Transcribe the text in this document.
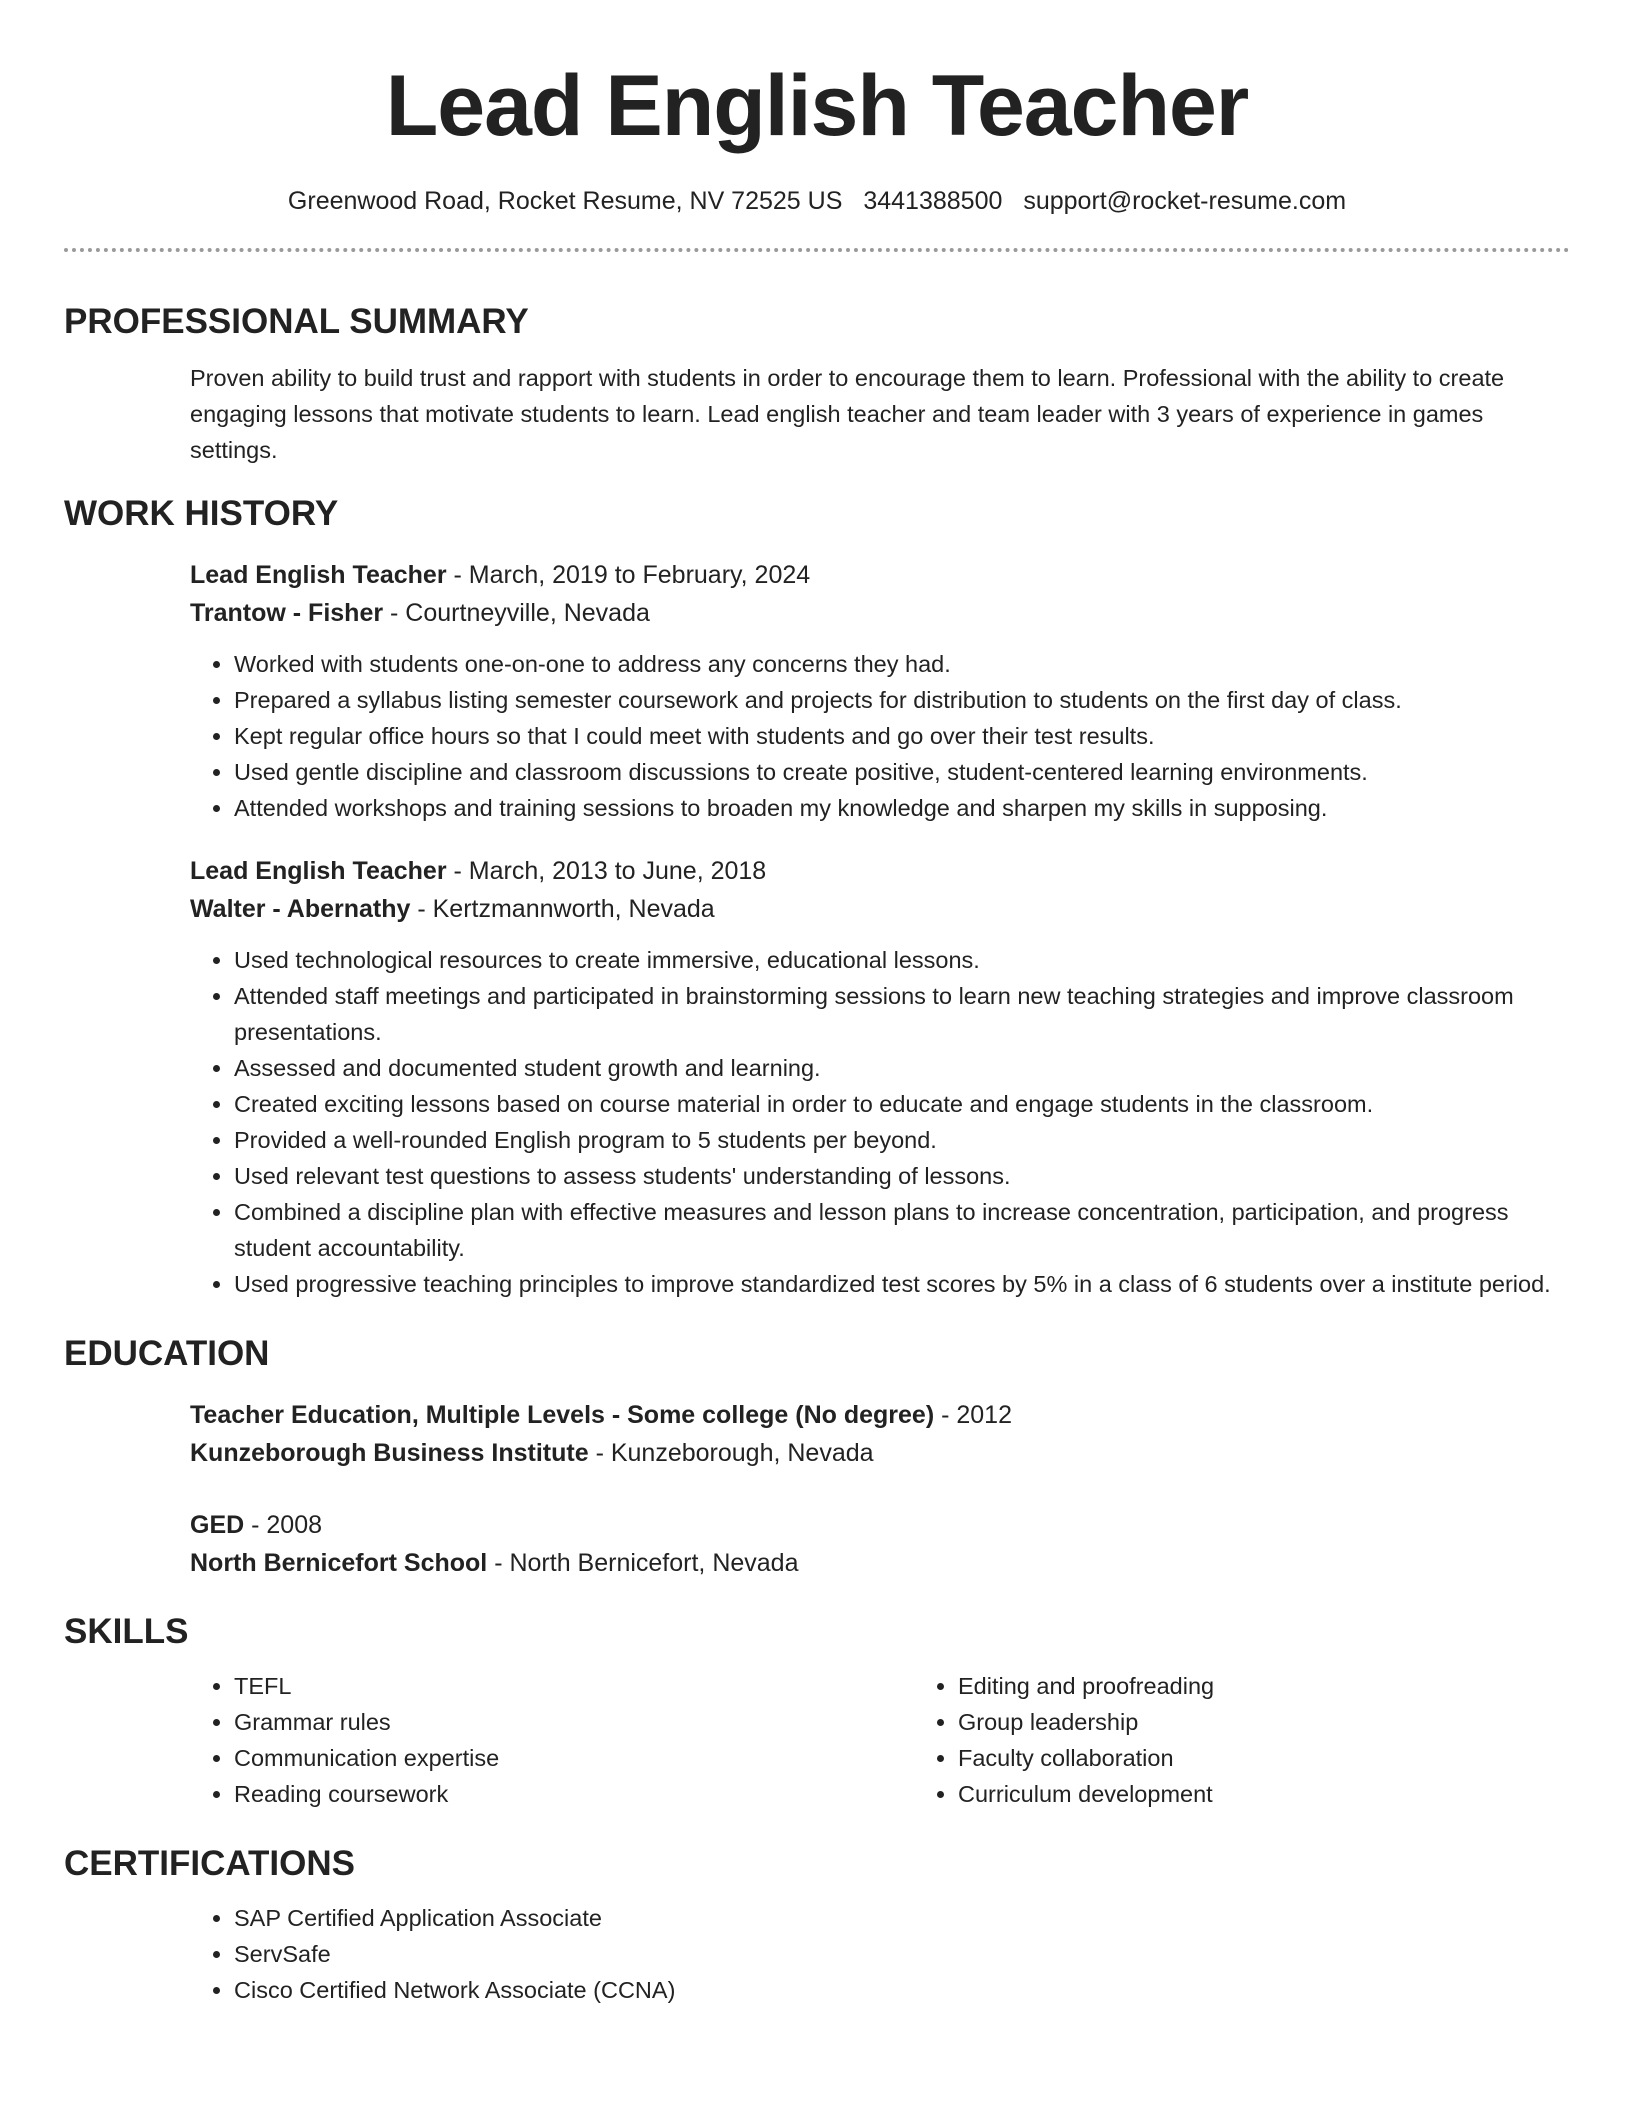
Lead English Teacher
Greenwood Road, Rocket Resume, NV 72525 US 3441388500 support@rocket-resume.com
PROFESSIONAL SUMMARY
Proven ability to build trust and rapport with students in order to encourage them to learn. Professional with the ability to create engaging lessons that motivate students to learn. Lead english teacher and team leader with 3 years of experience in games settings.
WORK HISTORY
Lead English Teacher - March, 2019 to February, 2024
Trantow - Fisher - Courtneyville, Nevada
• Worked with students one-on-one to address any concerns they had.
• Prepared a syllabus listing semester coursework and projects for distribution to students on the first day of class.
• Kept regular office hours so that I could meet with students and go over their test results.
• Used gentle discipline and classroom discussions to create positive, student-centered learning environments.
• Attended workshops and training sessions to broaden my knowledge and sharpen my skills in supposing.
Lead English Teacher - March, 2013 to June, 2018
Walter - Abernathy - Kertzmannworth, Nevada
• Used technological resources to create immersive, educational lessons.
• Attended staff meetings and participated in brainstorming sessions to learn new teaching strategies and improve classroom presentations.
• Assessed and documented student growth and learning.
• Created exciting lessons based on course material in order to educate and engage students in the classroom.
• Provided a well-rounded English program to 5 students per beyond.
• Used relevant test questions to assess students' understanding of lessons.
• Combined a discipline plan with effective measures and lesson plans to increase concentration, participation, and progress student accountability.
• Used progressive teaching principles to improve standardized test scores by 5% in a class of 6 students over a institute period.
EDUCATION
Teacher Education, Multiple Levels - Some college (No degree) - 2012
Kunzeborough Business Institute - Kunzeborough, Nevada
GED - 2008
North Bernicefort School - North Bernicefort, Nevada
SKILLS
• TEFL
• Grammar rules
• Communication expertise
• Reading coursework
• Editing and proofreading
• Group leadership
• Faculty collaboration
• Curriculum development
CERTIFICATIONS
• SAP Certified Application Associate
• ServSafe
• Cisco Certified Network Associate (CCNA)
